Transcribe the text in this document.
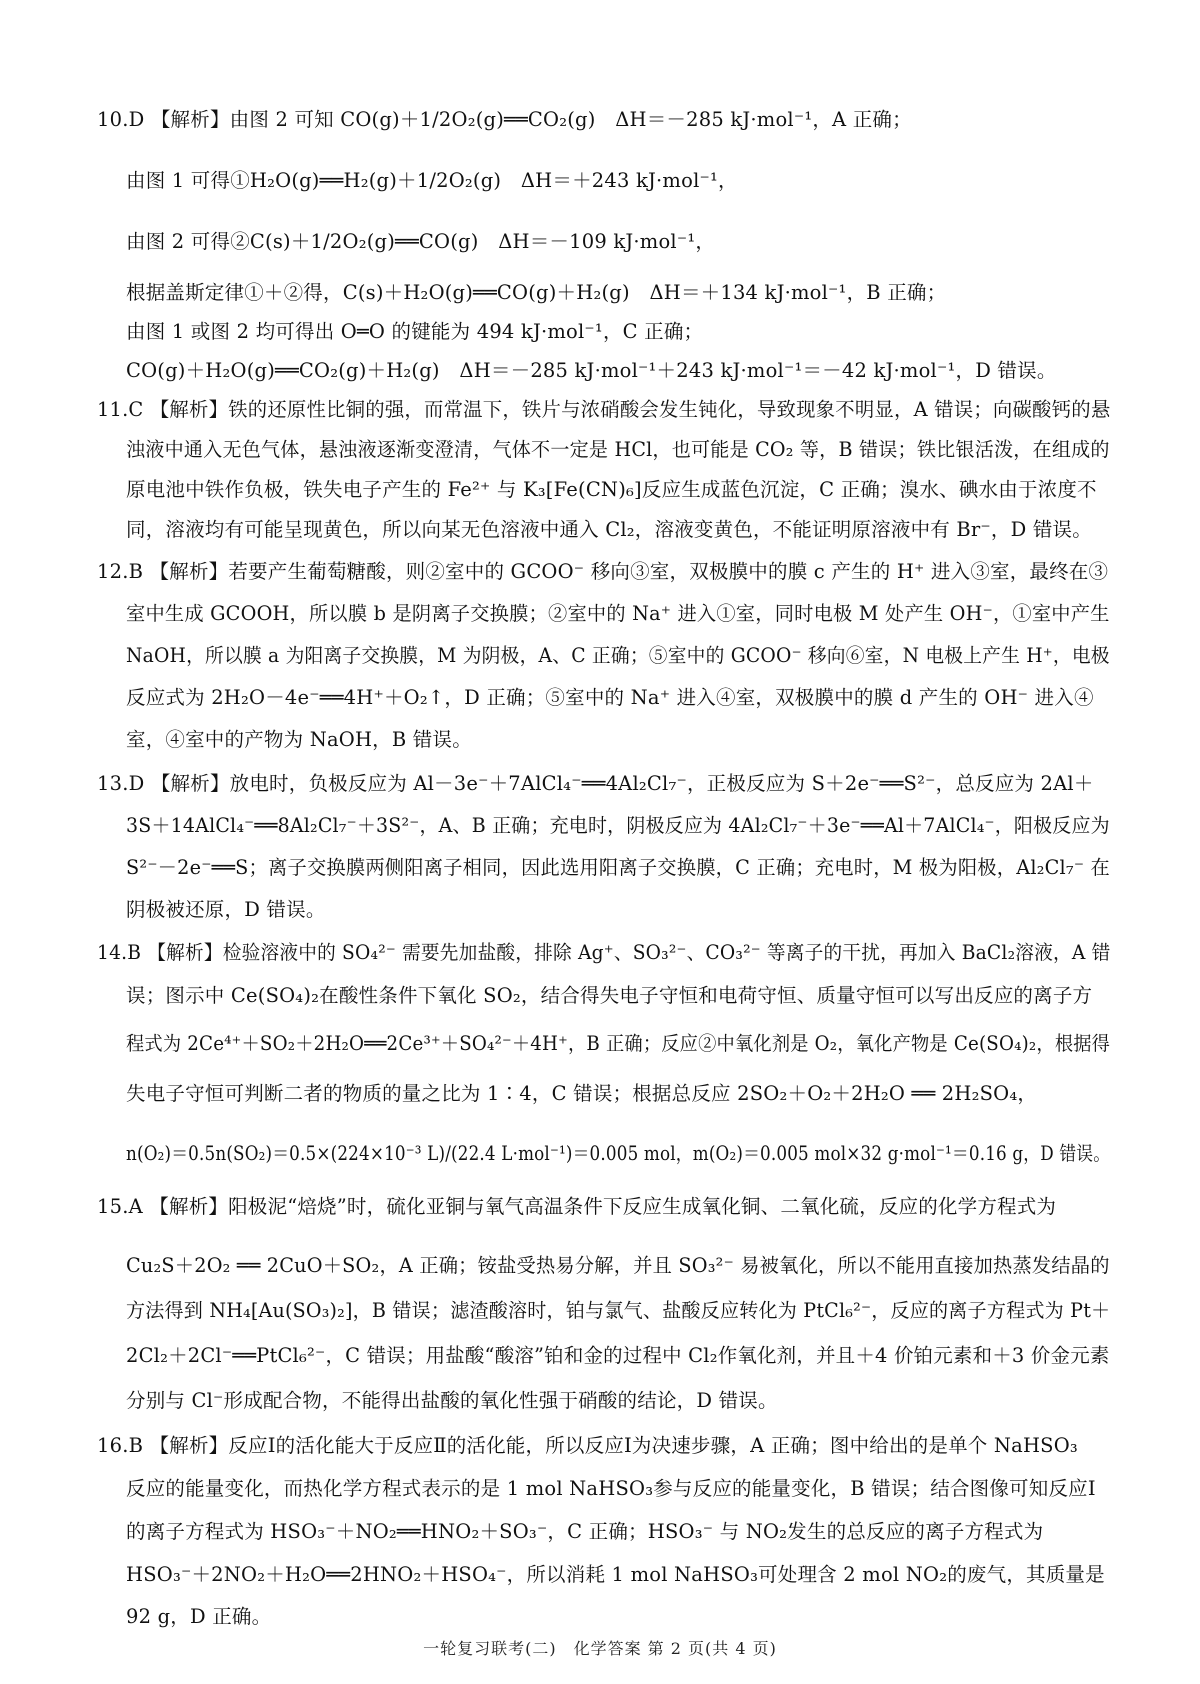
10.D 【解析】由图 2 可知 CO(g)＋1/2O₂(g)══CO₂(g)　ΔH＝－285 kJ·mol⁻¹，A 正确；
由图 1 可得①H₂O(g)══H₂(g)＋1/2O₂(g)　ΔH＝＋243 kJ·mol⁻¹，
由图 2 可得②C(s)＋1/2O₂(g)══CO(g)　ΔH＝－109 kJ·mol⁻¹，
根据盖斯定律①＋②得，C(s)＋H₂O(g)══CO(g)＋H₂(g)　ΔH＝＋134 kJ·mol⁻¹，B 正确；
由图 1 或图 2 均可得出 O═O 的键能为 494 kJ·mol⁻¹，C 正确；
CO(g)＋H₂O(g)══CO₂(g)＋H₂(g)　ΔH＝－285 kJ·mol⁻¹＋243 kJ·mol⁻¹＝－42 kJ·mol⁻¹，D 错误。
11.C 【解析】铁的还原性比铜的强，而常温下，铁片与浓硝酸会发生钝化，导致现象不明显，A 错误；向碳酸钙的悬
浊液中通入无色气体，悬浊液逐渐变澄清，气体不一定是 HCl，也可能是 CO₂ 等，B 错误；铁比银活泼，在组成的
原电池中铁作负极，铁失电子产生的 Fe²⁺ 与 K₃[Fe(CN)₆]反应生成蓝色沉淀，C 正确；溴水、碘水由于浓度不
同，溶液均有可能呈现黄色，所以向某无色溶液中通入 Cl₂，溶液变黄色，不能证明原溶液中有 Br⁻，D 错误。
12.B 【解析】若要产生葡萄糖酸，则②室中的 GCOO⁻ 移向③室，双极膜中的膜 c 产生的 H⁺ 进入③室，最终在③
室中生成 GCOOH，所以膜 b 是阴离子交换膜；②室中的 Na⁺ 进入①室，同时电极 M 处产生 OH⁻，①室中产生
NaOH，所以膜 a 为阳离子交换膜，M 为阴极，A、C 正确；⑤室中的 GCOO⁻ 移向⑥室，N 电极上产生 H⁺，电极
反应式为 2H₂O－4e⁻══4H⁺＋O₂↑，D 正确；⑤室中的 Na⁺ 进入④室，双极膜中的膜 d 产生的 OH⁻ 进入④
室，④室中的产物为 NaOH，B 错误。
13.D 【解析】放电时，负极反应为 Al－3e⁻＋7AlCl₄⁻══4Al₂Cl₇⁻，正极反应为 S＋2e⁻══S²⁻，总反应为 2Al＋
3S＋14AlCl₄⁻══8Al₂Cl₇⁻＋3S²⁻，A、B 正确；充电时，阴极反应为 4Al₂Cl₇⁻＋3e⁻══Al＋7AlCl₄⁻，阳极反应为
S²⁻－2e⁻══S；离子交换膜两侧阳离子相同，因此选用阳离子交换膜，C 正确；充电时，M 极为阳极，Al₂Cl₇⁻ 在
阴极被还原，D 错误。
14.B 【解析】检验溶液中的 SO₄²⁻ 需要先加盐酸，排除 Ag⁺、SO₃²⁻、CO₃²⁻ 等离子的干扰，再加入 BaCl₂溶液，A 错
误；图示中 Ce(SO₄)₂在酸性条件下氧化 SO₂，结合得失电子守恒和电荷守恒、质量守恒可以写出反应的离子方
程式为 2Ce⁴⁺＋SO₂＋2H₂O══2Ce³⁺＋SO₄²⁻＋4H⁺，B 正确；反应②中氧化剂是 O₂，氧化产物是 Ce(SO₄)₂，根据得
失电子守恒可判断二者的物质的量之比为 1∶4，C 错误；根据总反应 2SO₂＋O₂＋2H₂O ══ 2H₂SO₄，
n(O₂)＝0.5n(SO₂)＝0.5×(224×10⁻³ L)/(22.4 L·mol⁻¹)＝0.005 mol，m(O₂)＝0.005 mol×32 g·mol⁻¹＝0.16 g，D 错误。
15.A 【解析】阳极泥“焙烧”时，硫化亚铜与氧气高温条件下反应生成氧化铜、二氧化硫，反应的化学方程式为
Cu₂S＋2O₂ ══ 2CuO＋SO₂，A 正确；铵盐受热易分解，并且 SO₃²⁻ 易被氧化，所以不能用直接加热蒸发结晶的
方法得到 NH₄[Au(SO₃)₂]，B 错误；滤渣酸溶时，铂与氯气、盐酸反应转化为 PtCl₆²⁻，反应的离子方程式为 Pt＋
2Cl₂＋2Cl⁻══PtCl₆²⁻，C 错误；用盐酸“酸溶”铂和金的过程中 Cl₂作氧化剂，并且＋4 价铂元素和＋3 价金元素
分别与 Cl⁻形成配合物，不能得出盐酸的氧化性强于硝酸的结论，D 错误。
16.B 【解析】反应Ⅰ的活化能大于反应Ⅱ的活化能，所以反应Ⅰ为决速步骤，A 正确；图中给出的是单个 NaHSO₃
反应的能量变化，而热化学方程式表示的是 1 mol NaHSO₃参与反应的能量变化，B 错误；结合图像可知反应Ⅰ
的离子方程式为 HSO₃⁻＋NO₂══HNO₂＋SO₃⁻，C 正确；HSO₃⁻ 与 NO₂发生的总反应的离子方程式为
HSO₃⁻＋2NO₂＋H₂O══2HNO₂＋HSO₄⁻，所以消耗 1 mol NaHSO₃可处理含 2 mol NO₂的废气，其质量是
92 g，D 正确。
一轮复习联考(二)　化学答案 第 2 页(共 4 页)
